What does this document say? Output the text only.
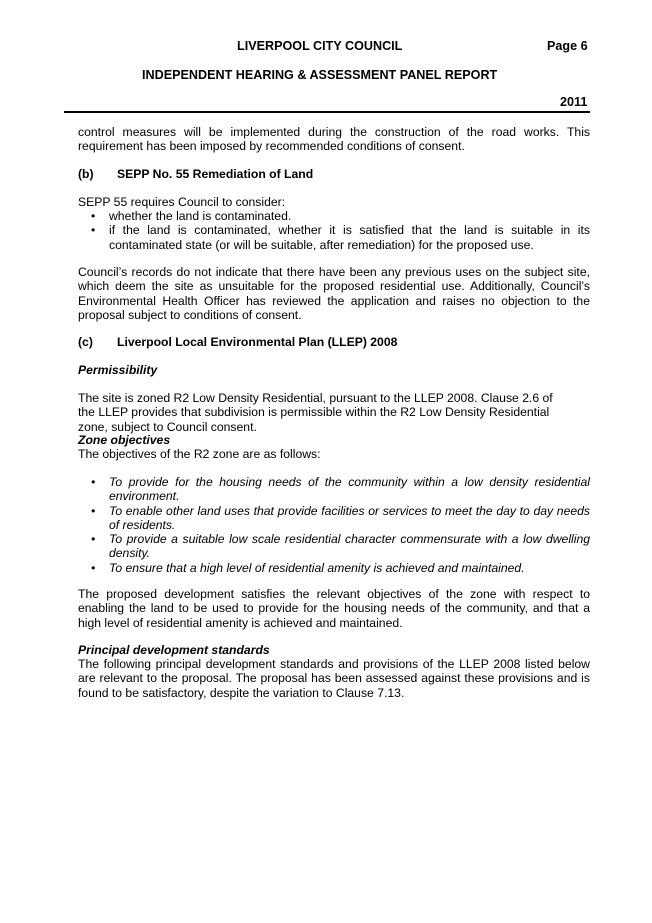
LIVERPOOL CITY COUNCIL	Page 6
INDEPENDENT HEARING & ASSESSMENT PANEL REPORT
2011
control measures will be implemented during the construction of the road works. This requirement has been imposed by recommended conditions of consent.
(b) SEPP No. 55 Remediation of Land
SEPP 55 requires Council to consider:
• whether the land is contaminated.
• if the land is contaminated, whether it is satisfied that the land is suitable in its contaminated state (or will be suitable, after remediation) for the proposed use.
Council’s records do not indicate that there have been any previous uses on the subject site, which deem the site as unsuitable for the proposed residential use. Additionally, Council’s Environmental Health Officer has reviewed the application and raises no objection to the proposal subject to conditions of consent.
(c) Liverpool Local Environmental Plan (LLEP) 2008
Permissibility
The site is zoned R2 Low Density Residential, pursuant to the LLEP 2008. Clause 2.6 of
the LLEP provides that subdivision is permissible within the R2 Low Density Residential
zone, subject to Council consent.
Zone objectives
The objectives of the R2 zone are as follows:
• To provide for the housing needs of the community within a low density residential environment.
• To enable other land uses that provide facilities or services to meet the day to day needs of residents.
• To provide a suitable low scale residential character commensurate with a low dwelling density.
• To ensure that a high level of residential amenity is achieved and maintained.
The proposed development satisfies the relevant objectives of the zone with respect to enabling the land to be used to provide for the housing needs of the community, and that a high level of residential amenity is achieved and maintained.
Principal development standards
The following principal development standards and provisions of the LLEP 2008 listed below are relevant to the proposal. The proposal has been assessed against these provisions and is found to be satisfactory, despite the variation to Clause 7.13.
